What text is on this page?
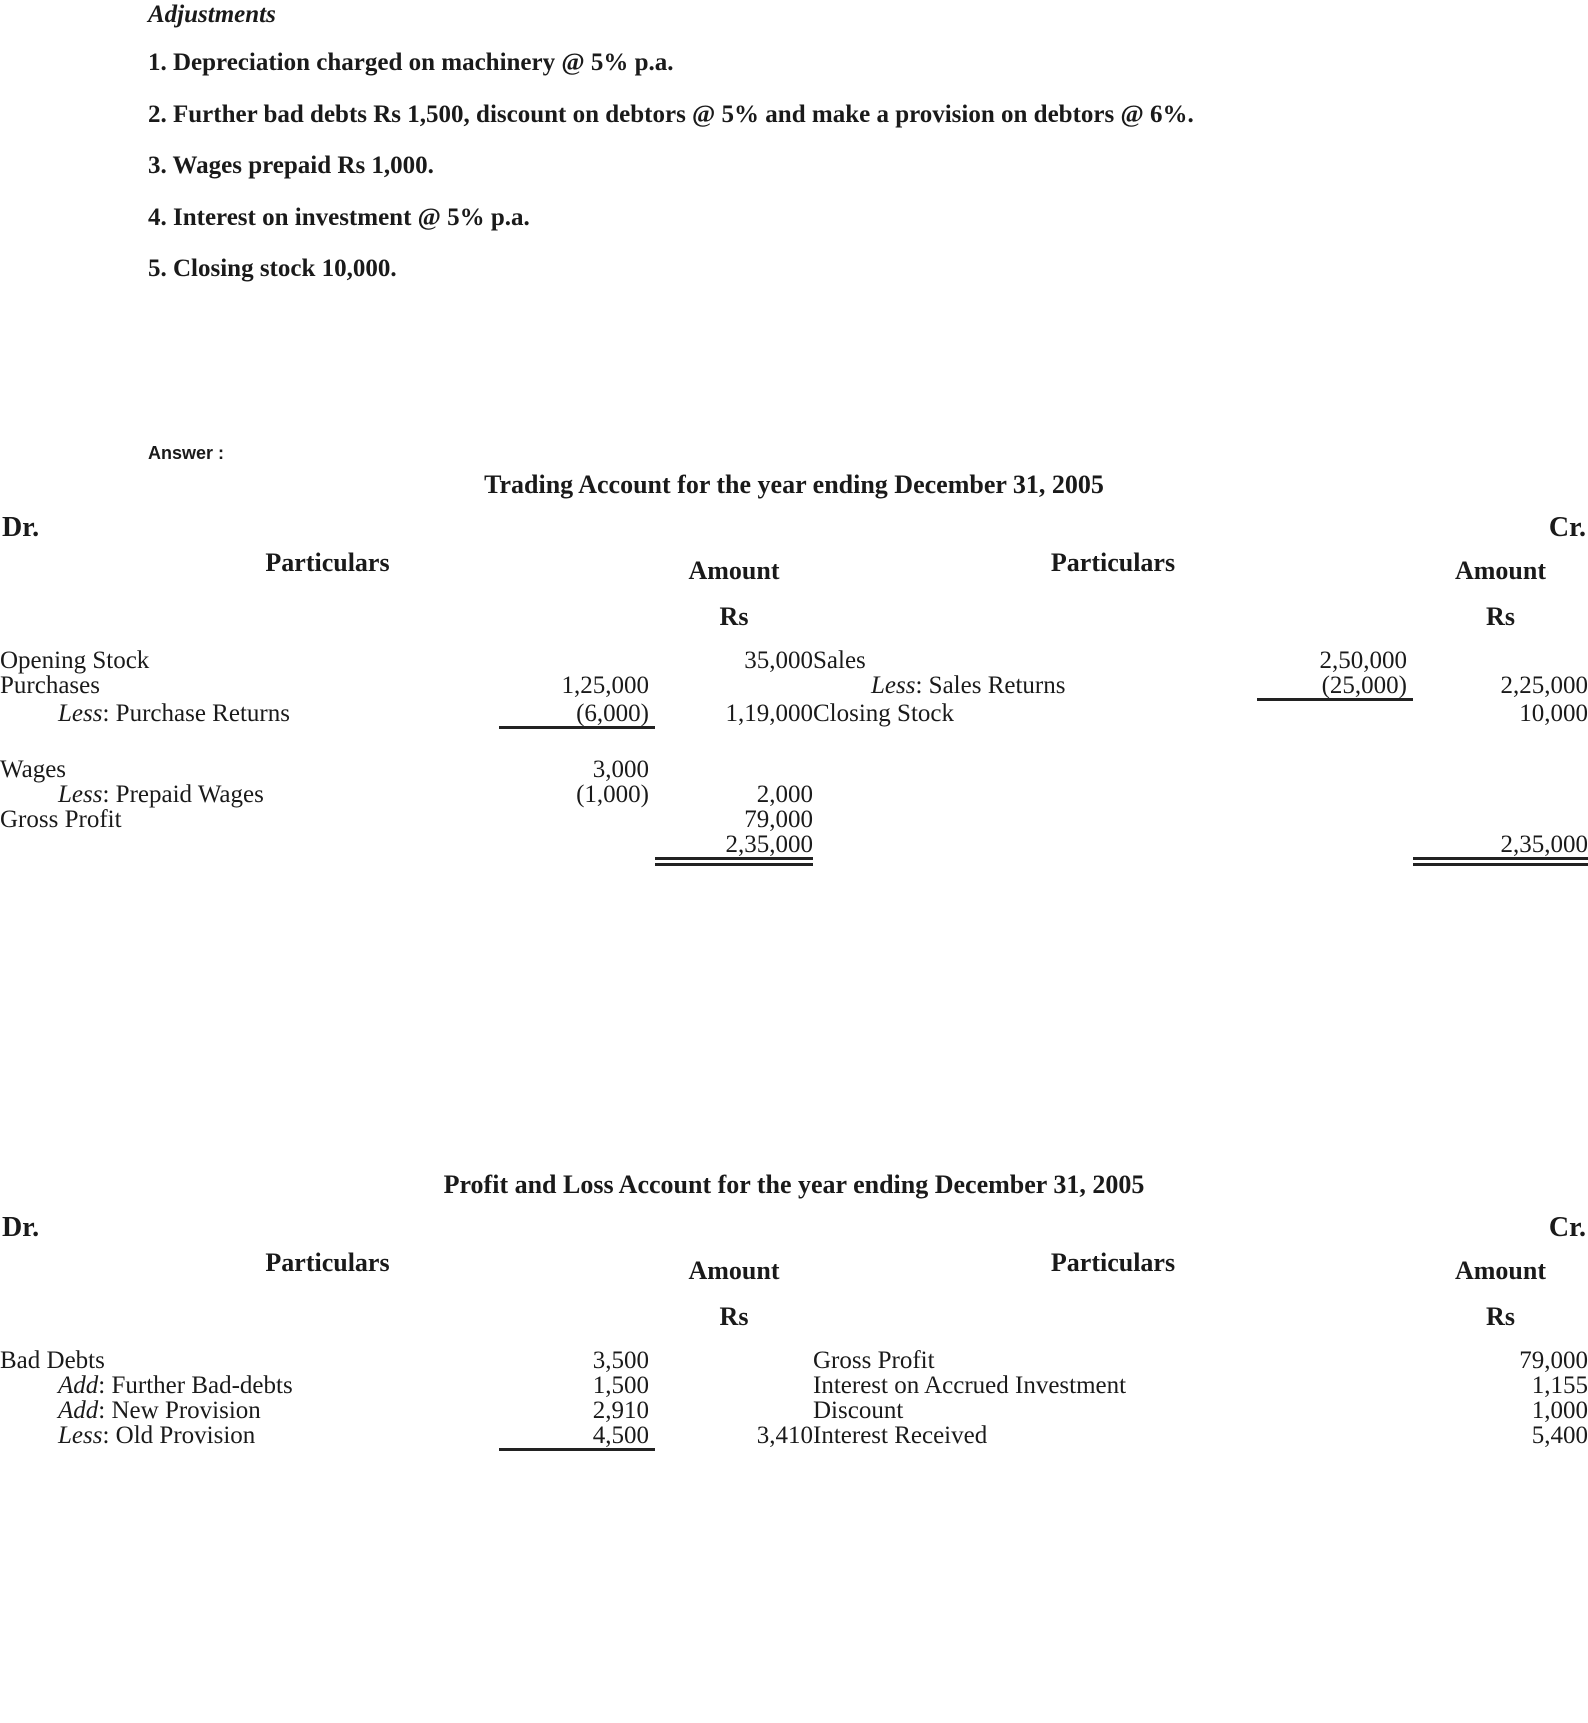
Adjustments
1. Depreciation charged on machinery @ 5% p.a.
2. Further bad debts Rs 1,500, discount on debtors @ 5% and make a provision on debtors @ 6%.
3. Wages prepaid Rs 1,000.
4. Interest on investment @ 5% p.a.
5. Closing stock 10,000.
Answer :
Trading Account for the year ending December 31, 2005
Dr.	Cr.
Particulars	Amount
Rs
	Particulars	Amount
Rs

Opening Stock	35,000	Sales 2,50,000	

Purchases 1,25,000		Less: Sales Returns (25,000)	2,25,000

Less: Purchase Returns (6,000)	1,19,000	Closing Stock	10,000

Wages 3,000			

Less: Prepaid Wages (1,000)	2,000		

Gross Profit	79,000		
	2,35,000		2,35,000

Profit and Loss Account for the year ending December 31, 2005
Dr.	Cr.
Particulars	Amount
Rs
	Particulars	Amount
Rs

Bad Debts 3,500		Gross Profit	79,000

Add: Further Bad-debts 1,500		Interest on Accrued Investment	1,155

Add: New Provision 2,910		Discount	1,000

Less: Old Provision 4,500	3,410	Interest Received	5,400
